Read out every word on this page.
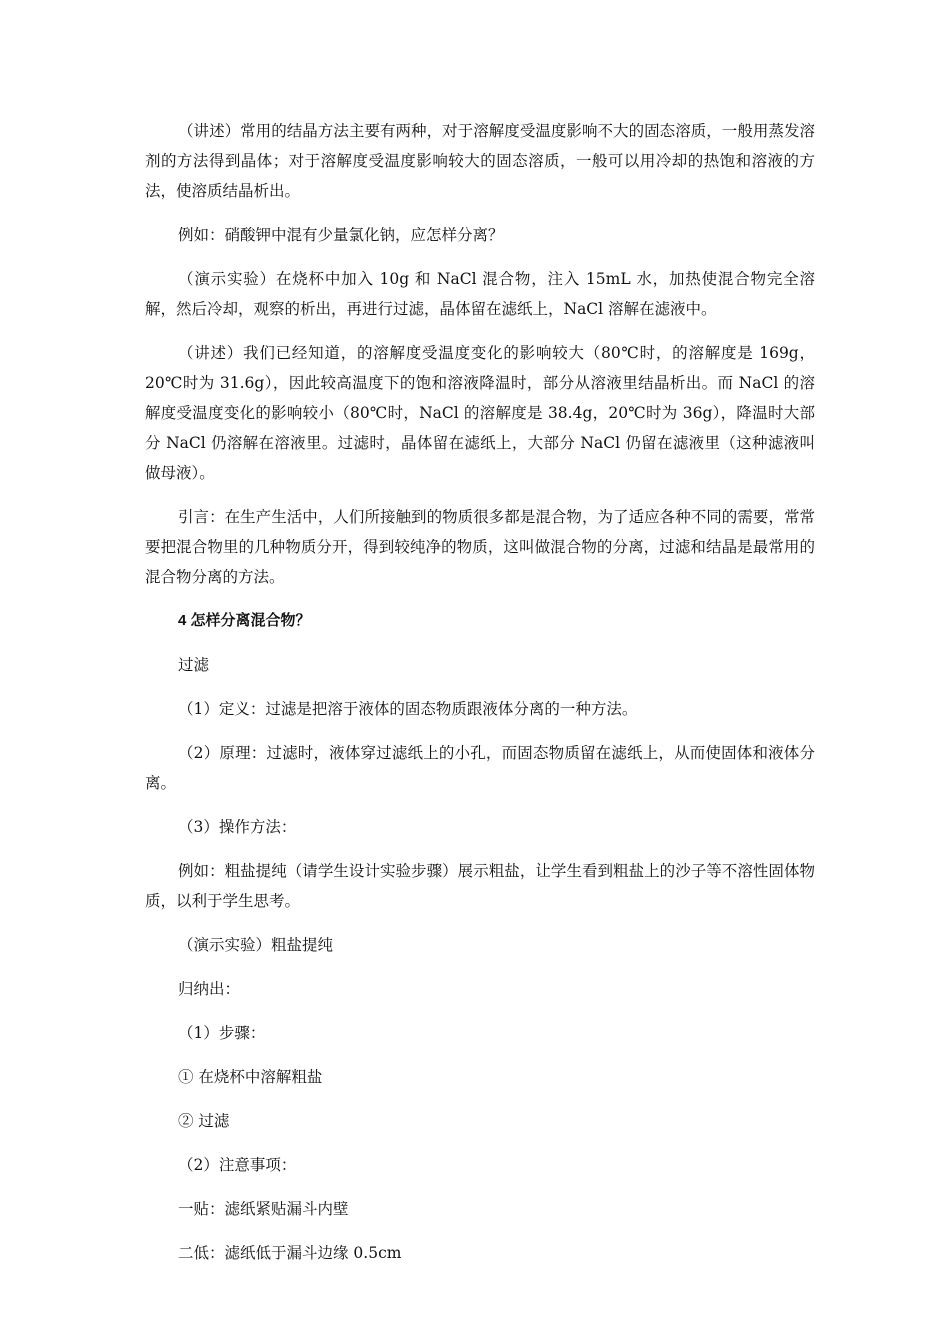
（讲述）常用的结晶方法主要有两种，对于溶解度受温度影响不大的固态溶质，一般用蒸发溶剂的方法得到晶体；对于溶解度受温度影响较大的固态溶质，一般可以用冷却的热饱和溶液的方法，使溶质结晶析出。

例如：硝酸钾中混有少量氯化钠，应怎样分离？

（演示实验）在烧杯中加入 10g 和 NaCl 混合物，注入 15mL 水，加热使混合物完全溶解，然后冷却，观察的析出，再进行过滤，晶体留在滤纸上，NaCl 溶解在滤液中。

（讲述）我们已经知道，的溶解度受温度变化的影响较大（80℃时，的溶解度是 169g，20℃时为 31.6g），因此较高温度下的饱和溶液降温时，部分从溶液里结晶析出。而 NaCl 的溶解度受温度变化的影响较小（80℃时，NaCl 的溶解度是 38.4g，20℃时为 36g），降温时大部分 NaCl 仍溶解在溶液里。过滤时，晶体留在滤纸上，大部分 NaCl 仍留在滤液里（这种滤液叫做母液）。

引言：在生产生活中，人们所接触到的物质很多都是混合物，为了适应各种不同的需要，常常要把混合物里的几种物质分开，得到较纯净的物质，这叫做混合物的分离，过滤和结晶是最常用的混合物分离的方法。

4 怎样分离混合物？

过滤

（1）定义：过滤是把溶于液体的固态物质跟液体分离的一种方法。

（2）原理：过滤时，液体穿过滤纸上的小孔，而固态物质留在滤纸上，从而使固体和液体分离。

（3）操作方法：

例如：粗盐提纯（请学生设计实验步骤）展示粗盐，让学生看到粗盐上的沙子等不溶性固体物质，以利于学生思考。

（演示实验）粗盐提纯

归纳出：

（1）步骤：

① 在烧杯中溶解粗盐

② 过滤

（2）注意事项：

一贴：滤纸紧贴漏斗内壁

二低：滤纸低于漏斗边缘 0.5cm
